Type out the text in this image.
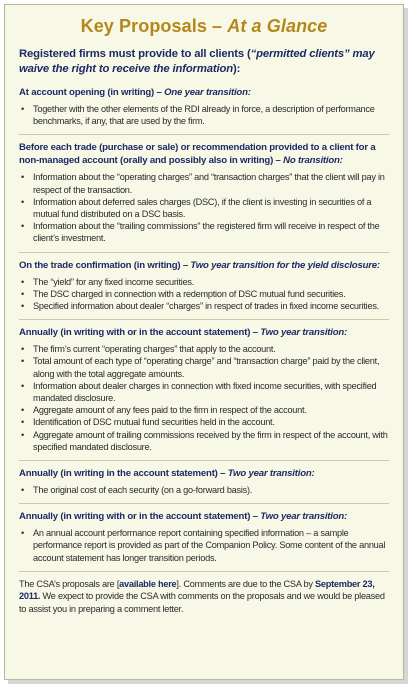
Key Proposals – At a Glance
Registered firms must provide to all clients (“permitted clients” may waive the right to receive the information):
At account opening (in writing) – One year transition:
• Together with the other elements of the RDI already in force, a description of performance benchmarks, if any, that are used by the firm.
Before each trade (purchase or sale) or recommendation provided to a client for a non-managed account (orally and possibly also in writing) – No transition:
• Information about the “operating charges” and “transaction charges” that the client will pay in respect of the transaction.
• Information about deferred sales charges (DSC), if the client is investing in securities of a mutual fund distributed on a DSC basis.
• Information about the “trailing commissions” the registered firm will receive in respect of the client’s investment.
On the trade confirmation (in writing) – Two year transition for the yield disclosure:
• The “yield” for any fixed income securities.
• The DSC charged in connection with a redemption of DSC mutual fund securities.
• Specified information about dealer “charges” in respect of trades in fixed income securities.
Annually (in writing with or in the account statement) – Two year transition:
• The firm’s current “operating charges” that apply to the account.
• Total amount of each type of “operating charge” and “transaction charge” paid by the client, along with the total aggregate amounts.
• Information about dealer charges in connection with fixed income securities, with specified mandated disclosure.
• Aggregate amount of any fees paid to the firm in respect of the account.
• Identification of DSC mutual fund securities held in the account.
• Aggregate amount of trailing commissions received by the firm in respect of the account, with specified mandated disclosure.
Annually (in writing in the account statement) – Two year transition:
• The original cost of each security (on a go-forward basis).
Annually (in writing with or in the account statement) – Two year transition:
• An annual account performance report containing specified information – a sample performance report is provided as part of the Companion Policy. Some content of the annual account statement has longer transition periods.
The CSA’s proposals are [available here]. Comments are due to the CSA by September 23, 2011. We expect to provide the CSA with comments on the proposals and we would be pleased to assist you in preparing a comment letter.
